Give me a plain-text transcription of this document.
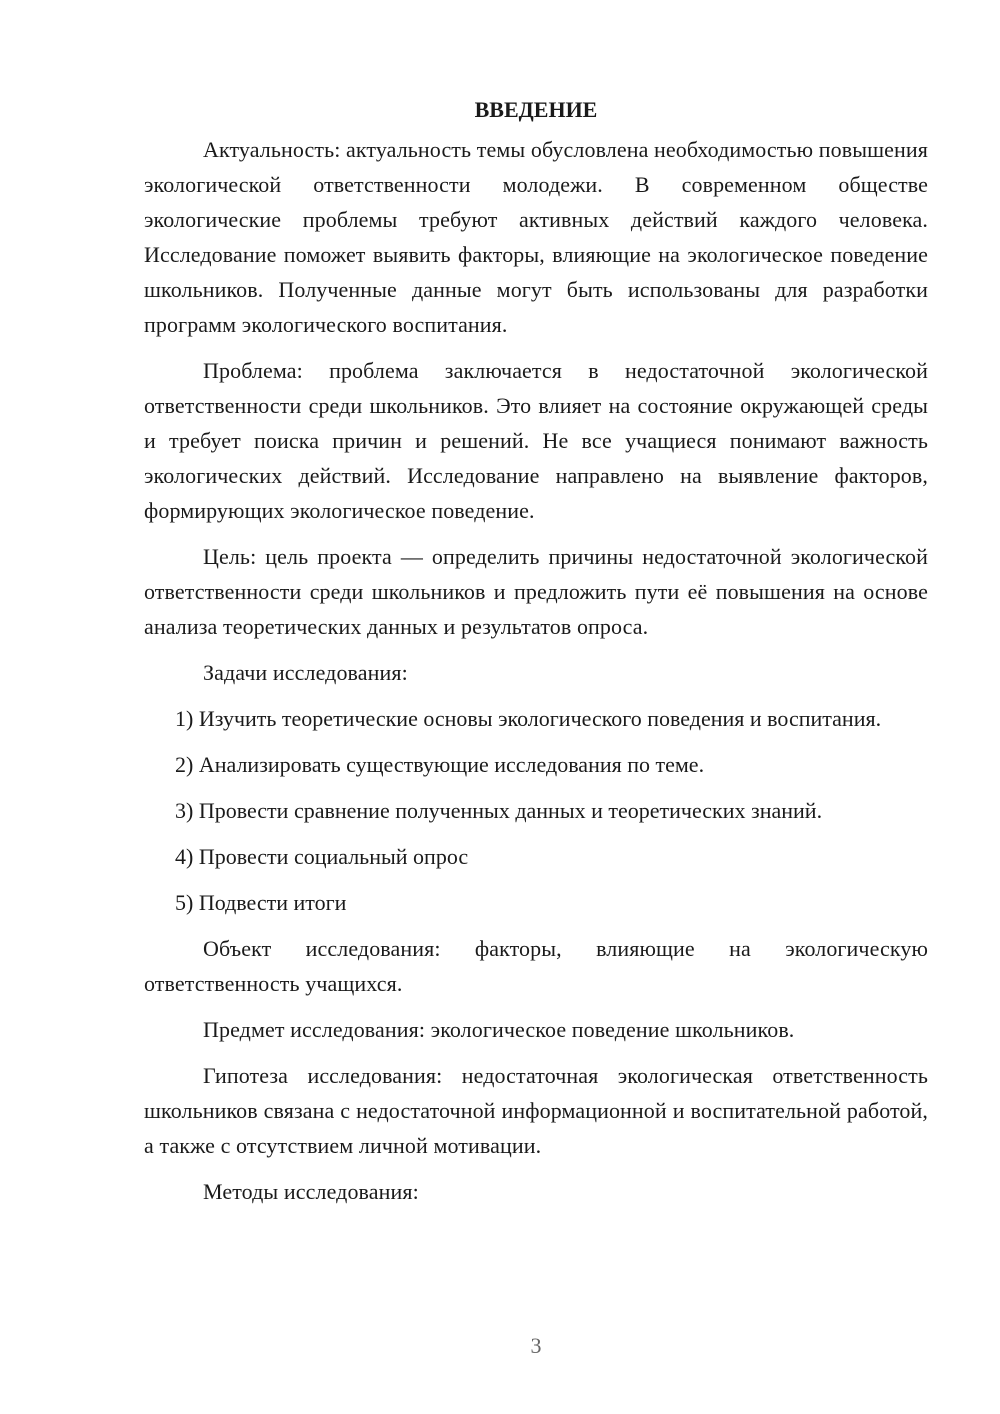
ВВЕДЕНИЕ

Актуальность: актуальность темы обусловлена необходимостью повышения экологической ответственности молодежи. В современном обществе экологические проблемы требуют активных действий каждого человека. Исследование поможет выявить факторы, влияющие на экологическое поведение школьников. Полученные данные могут быть использованы для разработки программ экологического воспитания.

Проблема: проблема заключается в недостаточной экологической ответственности среди школьников. Это влияет на состояние окружающей среды и требует поиска причин и решений. Не все учащиеся понимают важность экологических действий. Исследование направлено на выявление факторов, формирующих экологическое поведение.

Цель: цель проекта — определить причины недостаточной экологической ответственности среди школьников и предложить пути её повышения на основе анализа теоретических данных и результатов опроса.

Задачи исследования:

1) Изучить теоретические основы экологического поведения и воспитания.

2) Анализировать существующие исследования по теме.

3) Провести сравнение полученных данных и теоретических знаний.

4) Провести социальный опрос

5) Подвести итоги

Объект исследования: факторы, влияющие на экологическую ответственность учащихся.

Предмет исследования: экологическое поведение школьников.

Гипотеза исследования: недостаточная экологическая ответственность школьников связана с недостаточной информационной и воспитательной работой, а также с отсутствием личной мотивации.

Методы исследования:

3
